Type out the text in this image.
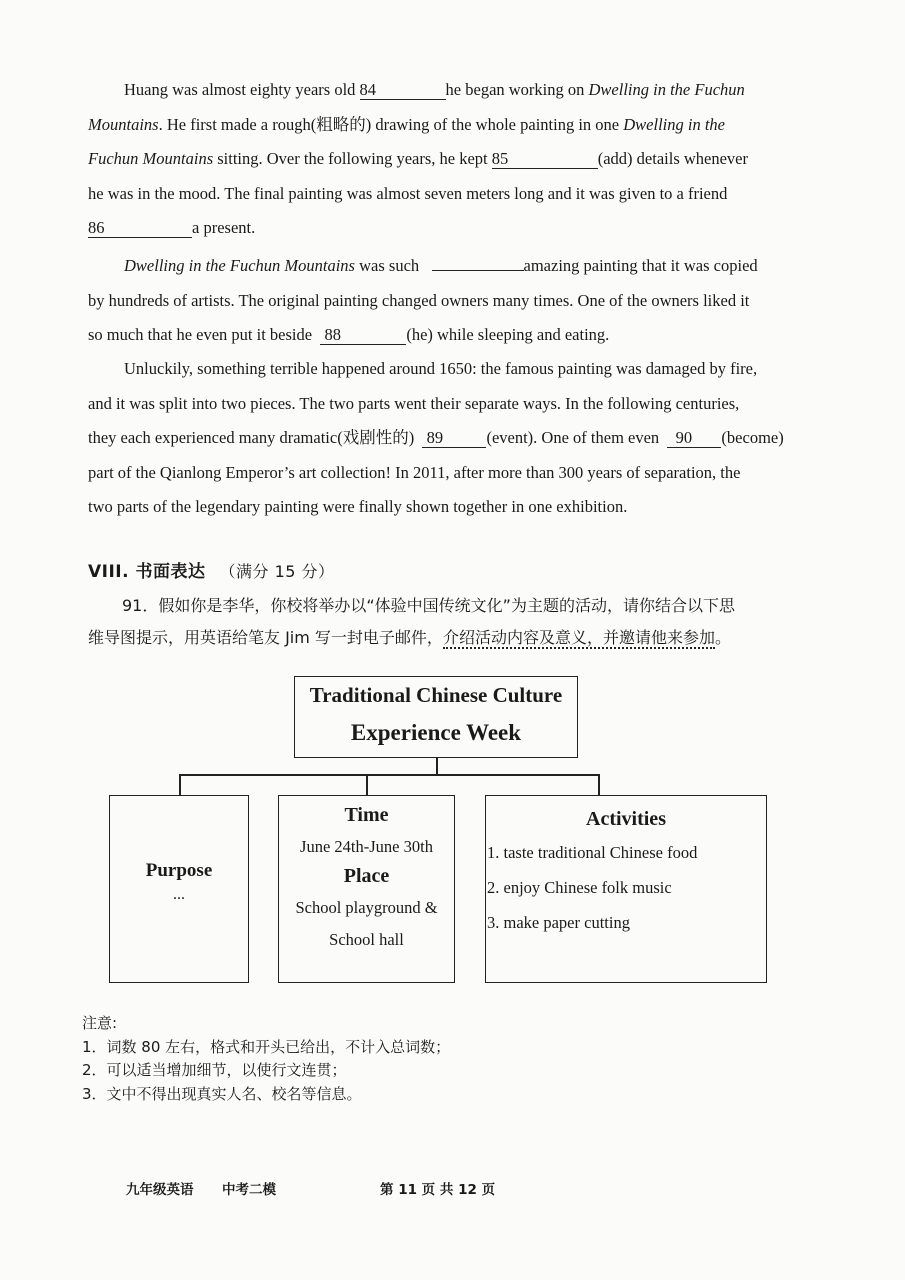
Huang was almost eighty years old 84	he began working on Dwelling in the Fuchun
Mountains. He first made a rough(粗略的) drawing of the whole painting in one Dwelling in the
Fuchun Mountains sitting. Over the following years, he kept 85	(add) details whenever
he was in the mood. The final painting was almost seven meters long and it was given to a friend
86	a present.
Dwelling in the Fuchun Mountains was such	amazing painting that it was copied
by hundreds of artists. The original painting changed owners many times. One of the owners liked it
so much that he even put it beside 88	(he) while sleeping and eating.
Unluckily, something terrible happened around 1650: the famous painting was damaged by fire,
and it was split into two pieces. The two parts went their separate ways. In the following centuries,
they each experienced many dramatic(戏剧性的) 89	(event). One of them even 90 (become)
part of the Qianlong Emperor’s art collection! In 2011, after more than 300 years of separation, the
two parts of the legendary painting were finally shown together in one exhibition.
VIII. 书面表达 （满分 15 分）
91．假如你是李华，你校将举办以“体验中国传统文化”为主题的活动，请你结合以下思
维导图提示，用英语给笔友 Jim 写一封电子邮件，介绍活动内容及意义，并邀请他来参加。
Traditional Chinese Culture
Experience Week
Purpose
...
Time
June 24th-June 30th
Place
School playground &
School hall
Activities
1. taste traditional Chinese food
2. enjoy Chinese folk music
3. make paper cutting
注意:
1．词数 80 左右，格式和开头已给出，不计入总词数；
2．可以适当增加细节，以使行文连贯；
3．文中不得出现真实人名、校名等信息。
九年级英语 中考二模	第 11 页 共 12 页
